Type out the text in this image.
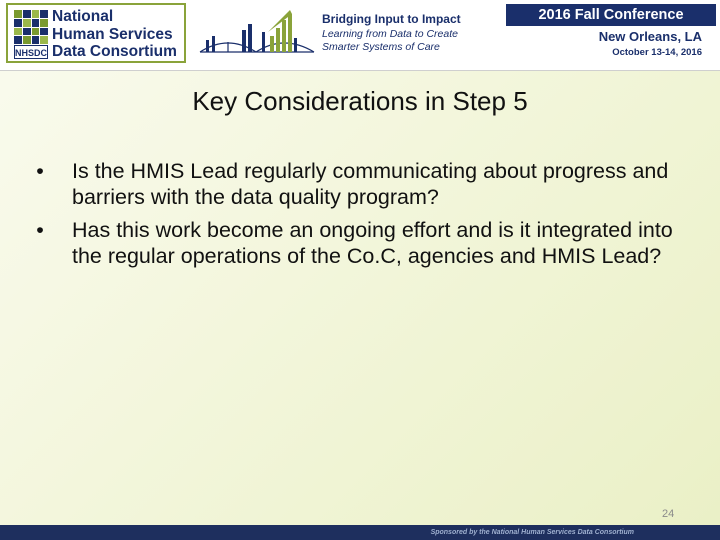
NHSDC
National
Human Services
Data Consortium
Bridging Input to Impact
Learning from Data to Create
Smarter Systems of Care
2016 Fall Conference
New Orleans, LA
October 13-14, 2016
Key Considerations in Step 5
• Is the HMIS Lead regularly communicating about progress and barriers with the data quality program?
• Has this work become an ongoing effort and is it integrated into the regular operations of the Co.C, agencies and HMIS Lead?
24
Sponsored by the National Human Services Data Consortium
